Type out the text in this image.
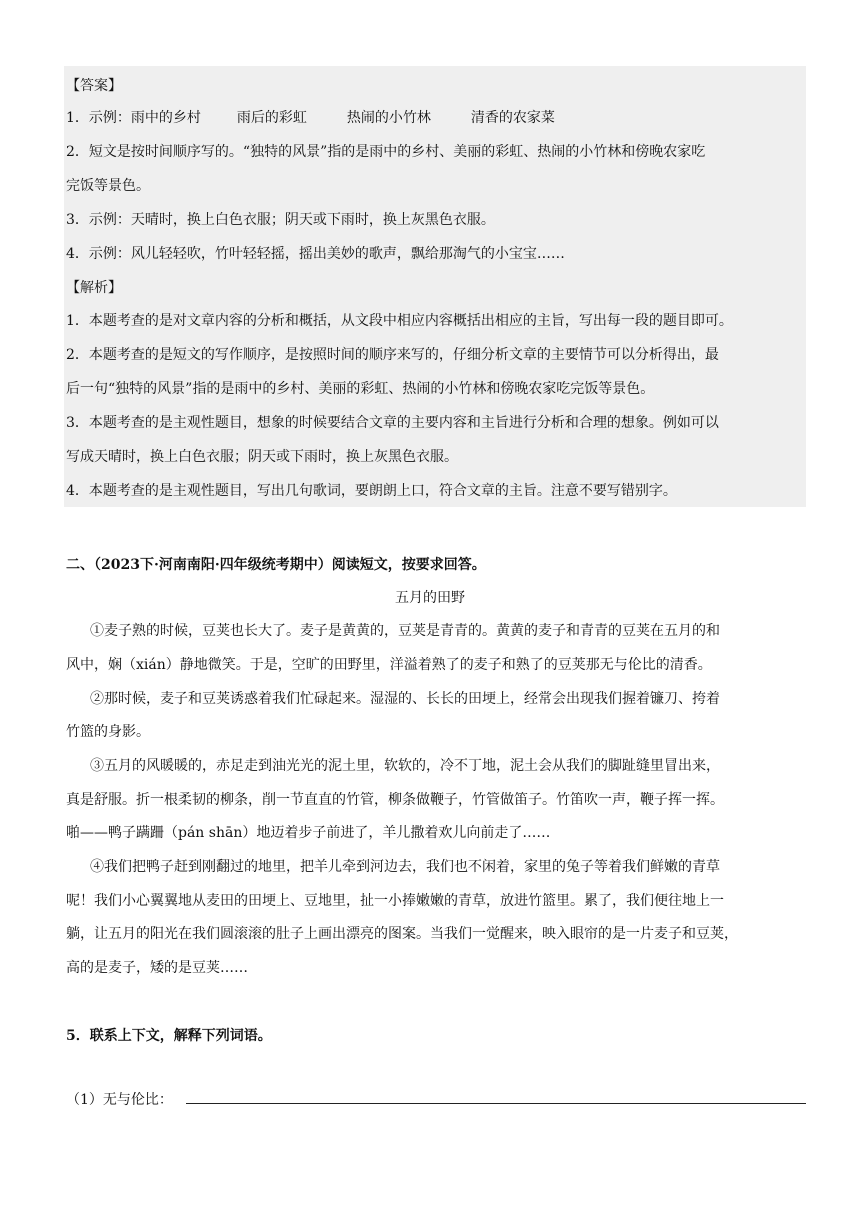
【答案】
1．示例：雨中的乡村	雨后的彩虹	热闹的小竹林	清香的农家菜
2．短文是按时间顺序写的。“独特的风景”指的是雨中的乡村、美丽的彩虹、热闹的小竹林和傍晚农家吃
完饭等景色。
3．示例：天晴时，换上白色衣服；阴天或下雨时，换上灰黑色衣服。
4．示例：风儿轻轻吹，竹叶轻轻摇，摇出美妙的歌声，飘给那淘气的小宝宝……
【解析】
1．本题考查的是对文章内容的分析和概括，从文段中相应内容概括出相应的主旨，写出每一段的题目即可。
2．本题考查的是短文的写作顺序，是按照时间的顺序来写的，仔细分析文章的主要情节可以分析得出，最
后一句“独特的风景”指的是雨中的乡村、美丽的彩虹、热闹的小竹林和傍晚农家吃完饭等景色。
3．本题考查的是主观性题目，想象的时候要结合文章的主要内容和主旨进行分析和合理的想象。例如可以
写成天晴时，换上白色衣服；阴天或下雨时，换上灰黑色衣服。
4．本题考查的是主观性题目，写出几句歌词，要朗朗上口，符合文章的主旨。注意不要写错别字。
二、（2023下·河南南阳·四年级统考期中）阅读短文，按要求回答。
五月的田野
①麦子熟的时候，豆荚也长大了。麦子是黄黄的，豆荚是青青的。黄黄的麦子和青青的豆荚在五月的和
风中，娴（xián）静地微笑。于是，空旷的田野里，洋溢着熟了的麦子和熟了的豆荚那无与伦比的清香。
②那时候，麦子和豆荚诱惑着我们忙碌起来。湿湿的、长长的田埂上，经常会出现我们握着镰刀、挎着
竹篮的身影。
③五月的风暖暖的，赤足走到油光光的泥土里，软软的，冷不丁地，泥土会从我们的脚趾缝里冒出来，
真是舒服。折一根柔韧的柳条，削一节直直的竹管，柳条做鞭子，竹管做笛子。竹笛吹一声，鞭子挥一挥。
啪——鸭子蹒跚（pán shān）地迈着步子前进了，羊儿撒着欢儿向前走了……
④我们把鸭子赶到刚翻过的地里，把羊儿牵到河边去，我们也不闲着，家里的兔子等着我们鲜嫩的青草
呢！我们小心翼翼地从麦田的田埂上、豆地里，扯一小捧嫩嫩的青草，放进竹篮里。累了，我们便往地上一
躺，让五月的阳光在我们圆滚滚的肚子上画出漂亮的图案。当我们一觉醒来，映入眼帘的是一片麦子和豆荚，
高的是麦子，矮的是豆荚……
5．联系上下文，解释下列词语。
（1）无与伦比：
